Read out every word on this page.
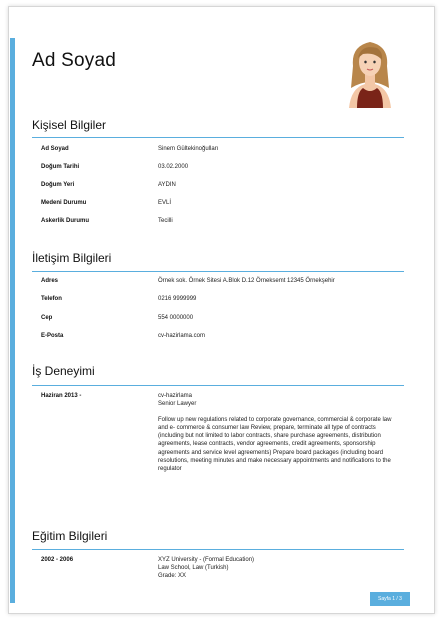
Ad Soyad
Kişisel Bilgiler
Ad Soyad	Sinem Gültekinoğulları
Doğum Tarihi	03.02.2000
Doğum Yeri	AYDIN
Medeni Durumu	EVLİ
Askerlik Durumu	Tecilli
İletişim Bilgileri
Adres	Örnek sok. Örnek Sitesi A.Blok D.12 Örneksemt 12345 Örnekşehir
Telefon	0216 9999999
Cep	554 0000000
E-Posta	cv-hazirlama.com
İş Deneyimi
Haziran 2013 -	cv-hazirlama

Senior Lawyer

Follow up new regulations related to corporate governance, commercial & corporate law and e- commerce & consumer law Review, prepare, terminate all type of contracts (including but not limited to labor contracts, share purchase agreements, distribution agreements, lease contracts, vendor agreements, credit agreements, sponsorship agreements and service level agreements) Prepare board packages (including board resolutions, meeting minutes and make necessary appointments and notifications to the regulator

Eğitim Bilgileri
2002 - 2006	XYZ University - (Formal Education)

Law School, Law (Turkish)

Grade: XX

Sayfa 1 / 3
